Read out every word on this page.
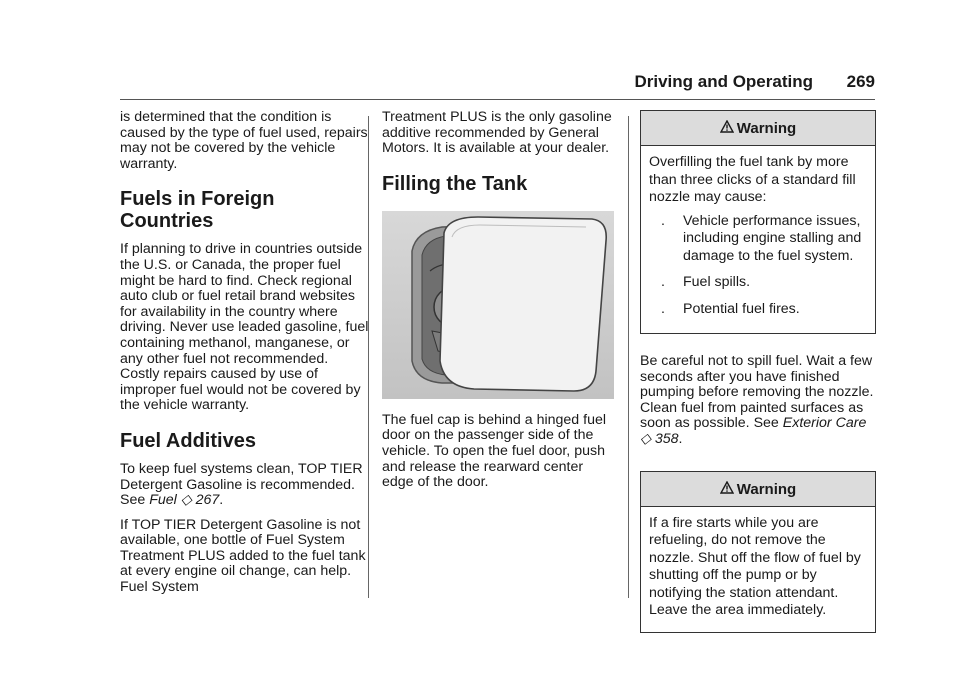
Driving and Operating 269

is determined that the condition is caused by the type of fuel used, repairs may not be covered by the vehicle warranty.

Fuels in Foreign
Countries

If planning to drive in countries outside the U.S. or Canada, the proper fuel might be hard to find. Check regional auto club or fuel retail brand websites for availability in the country where driving. Never use leaded gasoline, fuel containing methanol, manganese, or any other fuel not recommended. Costly repairs caused by use of improper fuel would not be covered by the vehicle warranty.

Fuel Additives

To keep fuel systems clean, TOP TIER Detergent Gasoline is recommended. See Fuel ◇ 267.

If TOP TIER Detergent Gasoline is not available, one bottle of Fuel System Treatment PLUS added to the fuel tank at every engine oil change, can help. Fuel System

Treatment PLUS is the only gasoline additive recommended by General Motors. It is available at your dealer.

Filling the Tank

The fuel cap is behind a hinged fuel door on the passenger side of the vehicle. To open the fuel door, push and release the rearward center edge of the door.

Warning

Overfilling the fuel tank by more than three clicks of a standard fill nozzle may cause:

. Vehicle performance issues, including engine stalling and damage to the fuel system.
. Fuel spills.
. Potential fuel fires.

Be careful not to spill fuel. Wait a few seconds after you have finished pumping before removing the nozzle. Clean fuel from painted surfaces as soon as possible. See Exterior Care ◇ 358.

Warning

If a fire starts while you are refueling, do not remove the nozzle. Shut off the flow of fuel by shutting off the pump or by notifying the station attendant. Leave the area immediately.
